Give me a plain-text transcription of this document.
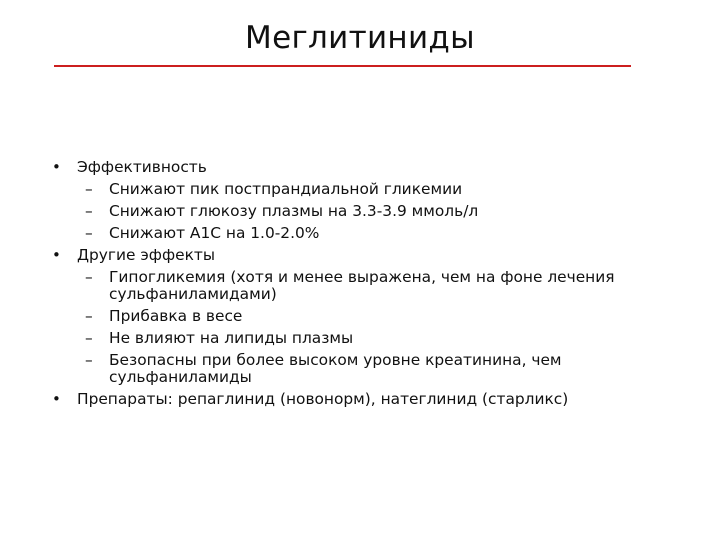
Меглитиниды
• Эффективность
– Снижают пик постпрандиальной гликемии
– Снижают глюкозу плазмы на 3.3-3.9 ммоль/л
– Снижают A1C на 1.0-2.0%
• Другие эффекты
– Гипогликемия (хотя и менее выражена, чем на фоне лечения сульфаниламидами)
– Прибавка в весе
– Не влияют на липиды плазмы
– Безопасны при более высоком уровне креатинина, чем сульфаниламиды
• Препараты: репаглинид (новонорм), натеглинид (старликс)
